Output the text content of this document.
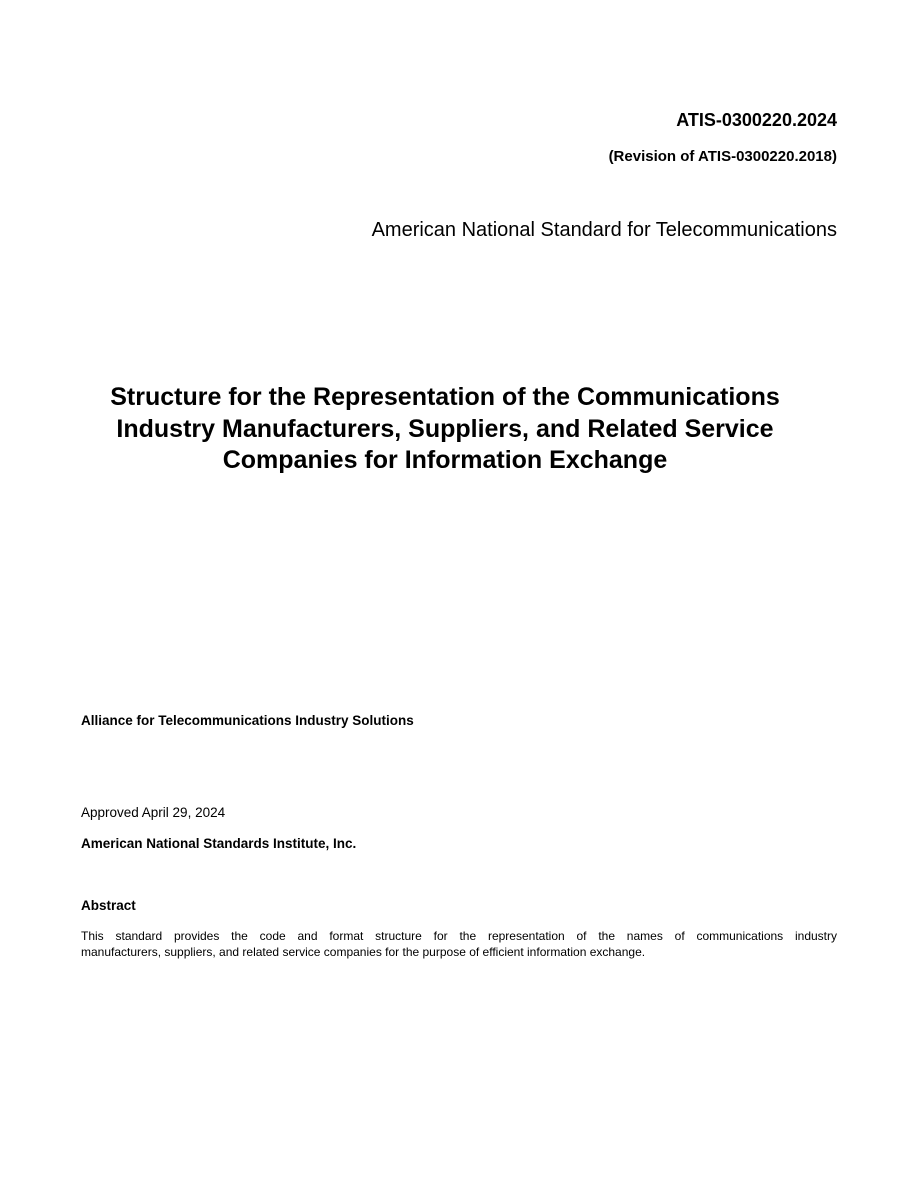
ATIS-0300220.2024
(Revision of ATIS-0300220.2018)
American National Standard for Telecommunications
Structure for the Representation of the Communications
Industry Manufacturers, Suppliers, and Related Service
Companies for Information Exchange
Alliance for Telecommunications Industry Solutions
Approved April 29, 2024
American National Standards Institute, Inc.
Abstract
This standard provides the code and format structure for the representation of the names of communications industry
manufacturers, suppliers, and related service companies for the purpose of efficient information exchange.
